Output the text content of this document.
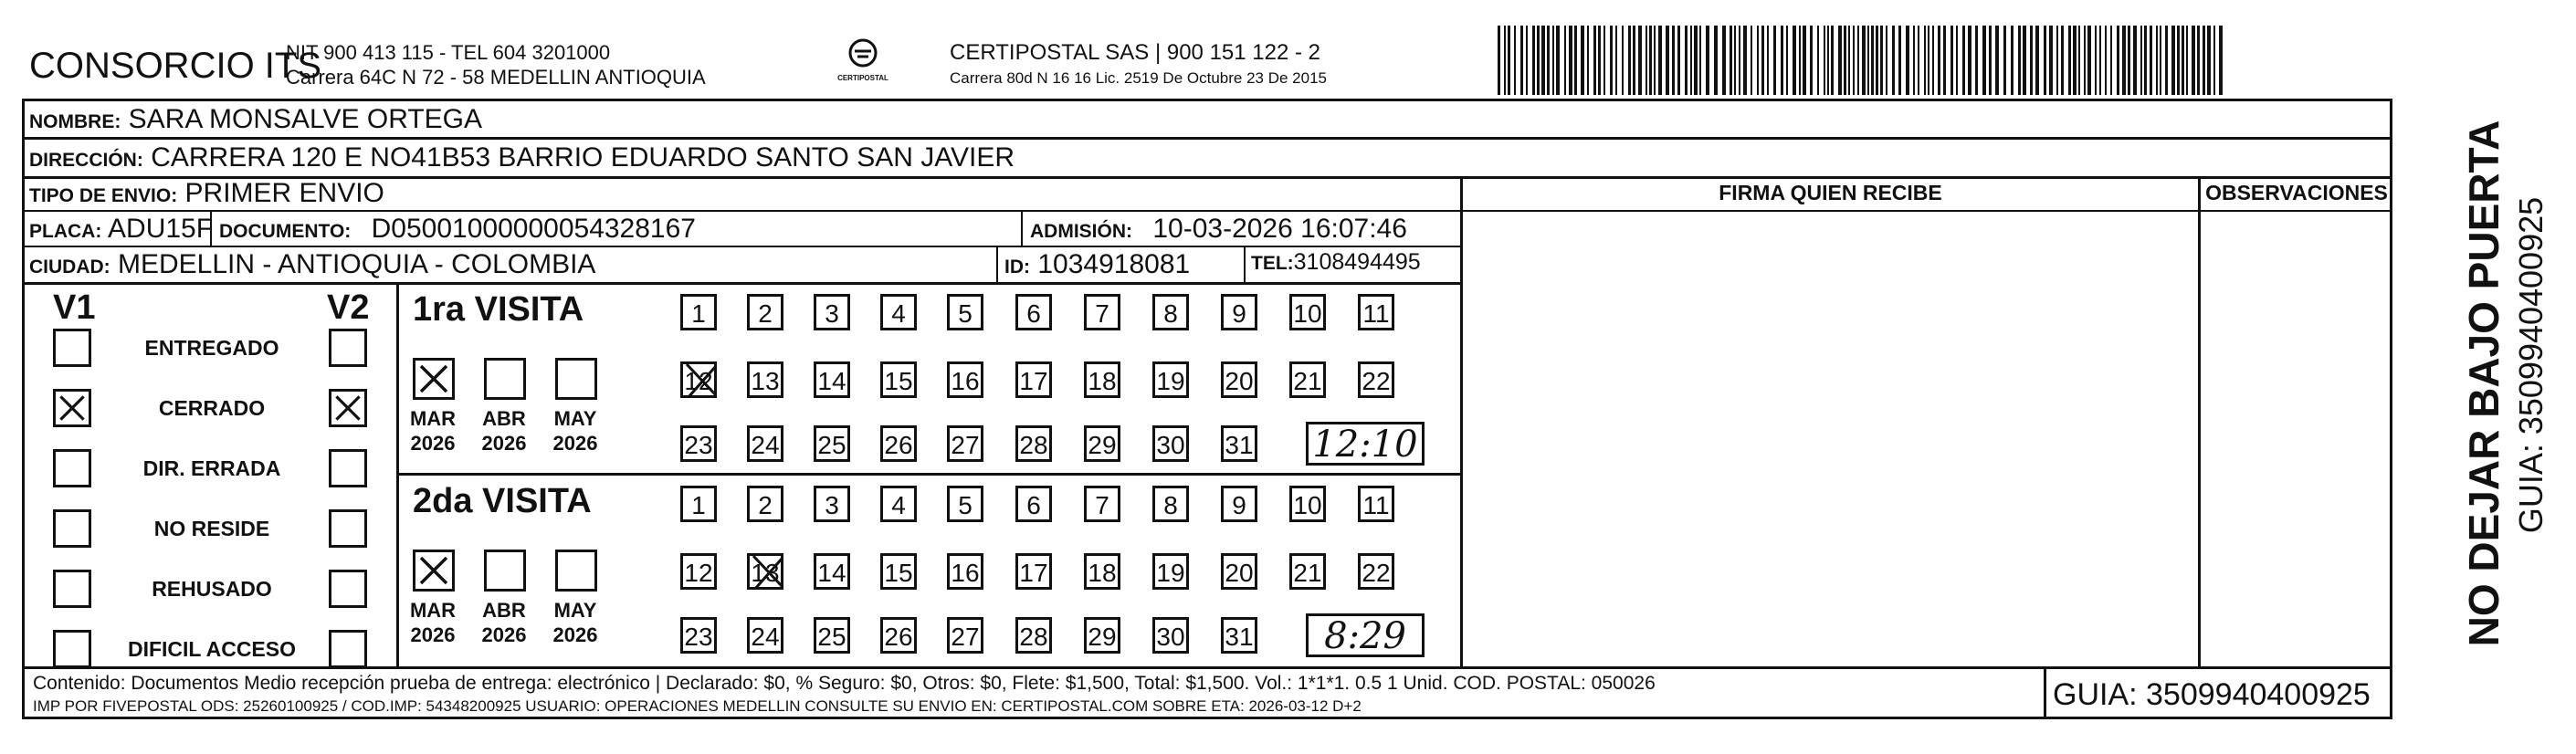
CONSORCIO ITS
NIT 900 413 115 - TEL 604 3201000
Carrera 64C N 72 - 58 MEDELLIN ANTIOQUIA	CERTIPOSTAL
CERTIPOSTAL SAS | 900 151 122 - 2
Carrera 80d N 16 16 Lic. 2519 De Octubre 23 De 2015
NOMBRE: SARA MONSALVE ORTEGA
DIRECCIÓN: CARRERA 120 E NO41B53 BARRIO EDUARDO SANTO SAN JAVIER
TIPO DE ENVIO: PRIMER ENVIO
PLACA: ADU15F DOCUMENTO: D05001000000054328167	ADMISIÓN: 10-03-2026 16:07:46
CIUDAD: MEDELLIN - ANTIOQUIA - COLOMBIA	ID: 1034918081	TEL:3108494495
FIRMA QUIEN RECIBE	OBSERVACIONES
V1	V2
Contenido: Documentos Medio recepción prueba de entrega: electrónico | Declarado: $0, % Seguro: $0, Otros: $0, Flete: $1,500, Total: $1,500. Vol.: 1*1*1. 0.5 1 Unid. COD. POSTAL: 050026
IMP POR FIVEPOSTAL ODS: 25260100925 / COD.IMP: 54348200925 USUARIO: OPERACIONES MEDELLIN CONSULTE SU ENVIO EN: CERTIPOSTAL.COM SOBRE ETA: 2026-03-12 D+2	GUIA: 3509940400925
NO DEJAR BAJO PUERTA GUIA: 3509940400925
ENTREGADO
CERRADO
DIR. ERRADA
NO RESIDE
REHUSADO
DIFICIL ACCESO
1ra VISITA
MAR
2026
ABR
2026
MAY
2026
1	2	3	4	5	6	7	8	9	10 11
12 13 14 15 16 17 18 19 20 21 22
23 24 25 26 27 28 29 30 31 12:10
2da VISITA
MAR
2026
ABR
2026
MAY
2026
1	2	3	4	5	6	7	8	9	10 11
12 13 14 15 16 17 18 19 20 21 22
23 24 25 26 27 28 29 30 31	8:29
